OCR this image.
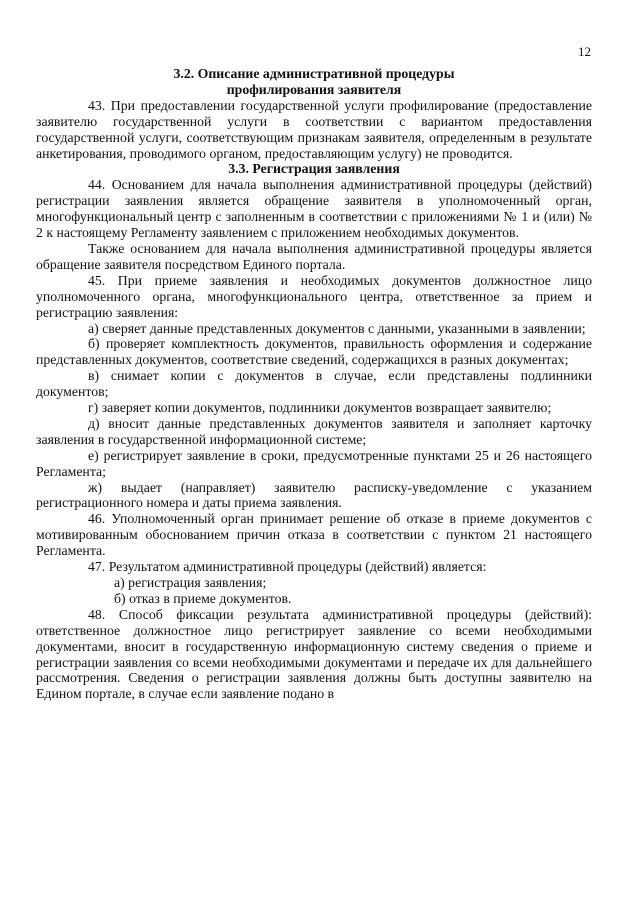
12

3.2. Описание административной процедуры

профилирования заявителя

43. При предоставлении государственной услуги профилирование (предоставление заявителю государственной услуги в соответствии с вариантом предоставления государственной услуги, соответствующим признакам заявителя, определенным в результате анкетирования, проводимого органом, предоставляющим услугу) не проводится.

3.3. Регистрация заявления

44. Основанием для начала выполнения административной процедуры (действий) регистрации заявления является обращение заявителя в уполномоченный орган, многофункциональный центр с заполненным в соответствии с приложениями № 1 и (или) № 2 к настоящему Регламенту заявлением с приложением необходимых документов.

Также основанием для начала выполнения административной процедуры является обращение заявителя посредством Единого портала.

45. При приеме заявления и необходимых документов должностное лицо уполномоченного органа, многофункционального центра, ответственное за прием и регистрацию заявления:

а) сверяет данные представленных документов с данными, указанными в заявлении;

б) проверяет комплектность документов, правильность оформления и содержание представленных документов, соответствие сведений, содержащихся в разных документах;

в) снимает копии с документов в случае, если представлены подлинники документов;

г) заверяет копии документов, подлинники документов возвращает заявителю;

д) вносит данные представленных документов заявителя и заполняет карточку заявления в государственной информационной системе;

е) регистрирует заявление в сроки, предусмотренные пунктами 25 и 26 настоящего Регламента;

ж) выдает (направляет) заявителю расписку-уведомление с указанием регистрационного номера и даты приема заявления.

46. Уполномоченный орган принимает решение об отказе в приеме документов с мотивированным обоснованием причин отказа в соответствии с пунктом 21 настоящего Регламента.

47. Результатом административной процедуры (действий) является:

а) регистрация заявления;
б) отказ в приеме документов.

48. Способ фиксации результата административной процедуры (действий): ответственное должностное лицо регистрирует заявление со всеми необходимыми документами, вносит в государственную информационную систему сведения о приеме и регистрации заявления со всеми необходимыми документами и передаче их для дальнейшего рассмотрения. Сведения о регистрации заявления должны быть доступны заявителю на Едином портале, в случае если заявление подано в
